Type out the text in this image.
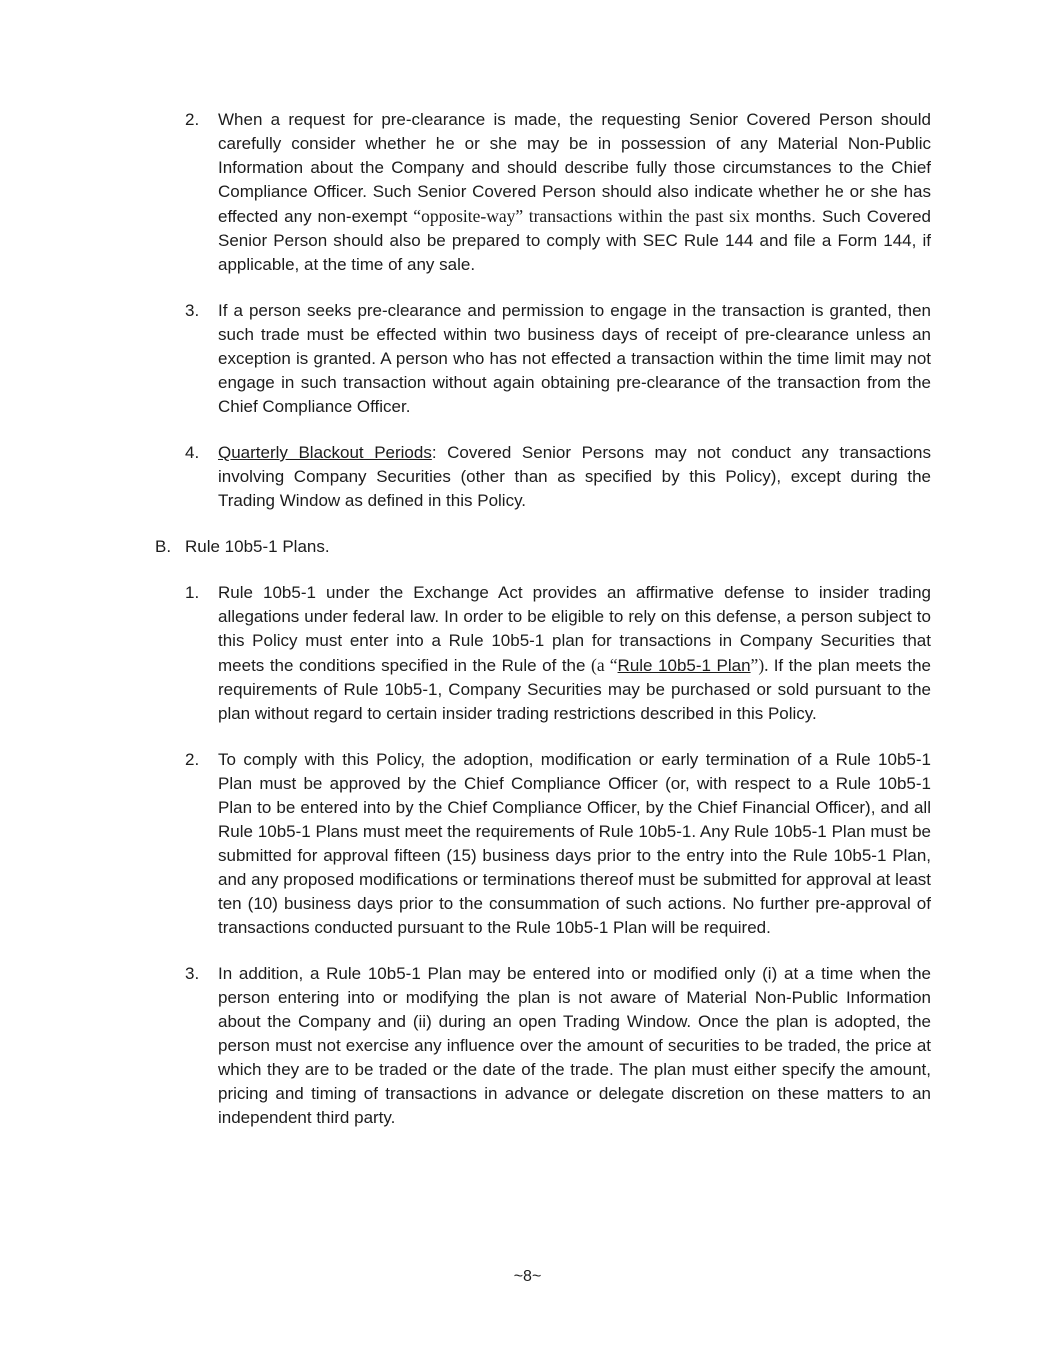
2.	When a request for pre-clearance is made, the requesting Senior Covered Person should carefully consider whether he or she may be in possession of any Material Non-Public Information about the Company and should describe fully those circumstances to the Chief Compliance Officer. Such Senior Covered Person should also indicate whether he or she has effected any non-exempt “opposite-way” transactions within the past six months. Such Covered Senior Person should also be prepared to comply with SEC Rule 144 and file a Form 144, if applicable, at the time of any sale.
3.	If a person seeks pre-clearance and permission to engage in the transaction is granted, then such trade must be effected within two business days of receipt of pre-clearance unless an exception is granted. A person who has not effected a transaction within the time limit may not engage in such transaction without again obtaining pre-clearance of the transaction from the Chief Compliance Officer.
4.	Quarterly Blackout Periods: Covered Senior Persons may not conduct any transactions involving Company Securities (other than as specified by this Policy), except during the Trading Window as defined in this Policy.
B. Rule 10b5-1 Plans.
1.	Rule 10b5-1 under the Exchange Act provides an affirmative defense to insider trading allegations under federal law. In order to be eligible to rely on this defense, a person subject to this Policy must enter into a Rule 10b5-1 plan for transactions in Company Securities that meets the conditions specified in the Rule of the (a “Rule 10b5-1 Plan”). If the plan meets the requirements of Rule 10b5-1, Company Securities may be purchased or sold pursuant to the plan without regard to certain insider trading restrictions described in this Policy.
2.	To comply with this Policy, the adoption, modification or early termination of a Rule 10b5-1 Plan must be approved by the Chief Compliance Officer (or, with respect to a Rule 10b5-1 Plan to be entered into by the Chief Compliance Officer, by the Chief Financial Officer), and all Rule 10b5-1 Plans must meet the requirements of Rule 10b5-1. Any Rule 10b5-1 Plan must be submitted for approval fifteen (15) business days prior to the entry into the Rule 10b5-1 Plan, and any proposed modifications or terminations thereof must be submitted for approval at least ten (10) business days prior to the consummation of such actions. No further pre-approval of transactions conducted pursuant to the Rule 10b5-1 Plan will be required.
3.	In addition, a Rule 10b5-1 Plan may be entered into or modified only (i) at a time when the person entering into or modifying the plan is not aware of Material Non-Public Information about the Company and (ii) during an open Trading Window. Once the plan is adopted, the person must not exercise any influence over the amount of securities to be traded, the price at which they are to be traded or the date of the trade. The plan must either specify the amount, pricing and timing of transactions in advance or delegate discretion on these matters to an independent third party.
~8~
